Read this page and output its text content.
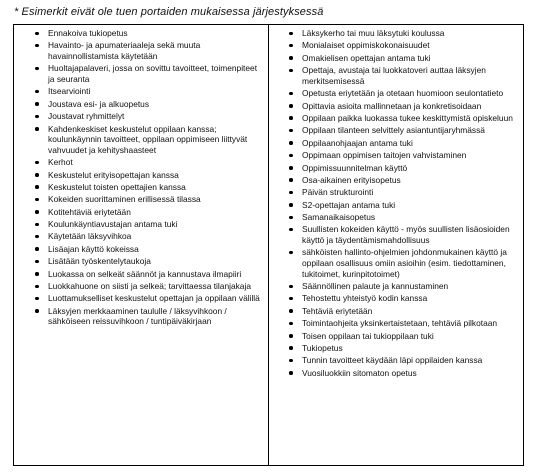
* Esimerkit eivät ole tuen portaiden mukaisessa järjestyksessä
Ennakoiva tukiopetus
Havainto- ja apumateriaaleja sekä muuta havainnollistamista käytetään
Huoltajapalaveri, jossa on sovittu tavoitteet, toimenpiteet ja seuranta
Itsearviointi
Joustava esi- ja alkuopetus
Joustavat ryhmittelyt
Kahdenkeskiset keskustelut oppilaan kanssa; koulunkäynnin tavoitteet, oppilaan oppimiseen liittyvät vahvuudet ja kehityshaasteet
Kerhot
Keskustelut erityisopettajan kanssa
Keskustelut toisten opettajien kanssa
Kokeiden suorittaminen erillisessä tilassa
Kotitehtäviä eriytetään
Koulunkäyntiavustajan antama tuki
Käytetään läksyvihkoa
Lisäajan käyttö kokeissa
Lisätään työskentelytaukoja
Luokassa on selkeät säännöt ja kannustava ilmapiiri
Luokkahuone on siisti ja selkeä; tarvittaessa tilanjakaja
Luottamukselliset keskustelut opettajan ja oppilaan välillä
Läksyjen merkkaaminen taululle / läksyvihkoon / sähköiseen reissuvihkoon / tuntipäiväkirjaan
Läksykerho tai muu läksytuki koulussa
Monialaiset oppimiskokonaisuudet
Omakielisen opettajan antama tuki
Opettaja, avustaja tai luokkatoveri auttaa läksyjen merkitsemisessä
Opetusta eriytetään ja otetaan huomioon seulontatieto
Opittavia asioita mallinnetaan ja konkretisoidaan
Oppilaan paikka luokassa tukee keskittymistä opiskeluun
Oppilaan tilanteen selvittely asiantuntijaryhmässä
Oppilaanohjaajan antama tuki
Oppimaan oppimisen taitojen vahvistaminen
Oppimissuunnitelman käyttö
Osa-aikainen erityisopetus
Päivän strukturointi
S2-opettajan antama tuki
Samanaikaisopetus
Suullisten kokeiden käyttö - myös suullisten lisäosioiden käyttö ja täydentämismahdollisuus
sähköisten hallinto-ohjelmien johdonmukainen käyttö ja oppilaan osallisuus omiin asioihin (esim. tiedottaminen, tukitoimet, kurinpitotoimet)
Säännöllinen palaute ja kannustaminen
Tehostettu yhteistyö kodin kanssa
Tehtäviä eriytetään
Toimintaohjeita yksinkertaistetaan, tehtäviä pilkotaan
Toisen oppilaan tai tukioppilaan tuki
Tukiopetus
Tunnin tavoitteet käydään läpi oppilaiden kanssa
Vuosiluokkiin sitomaton opetus
